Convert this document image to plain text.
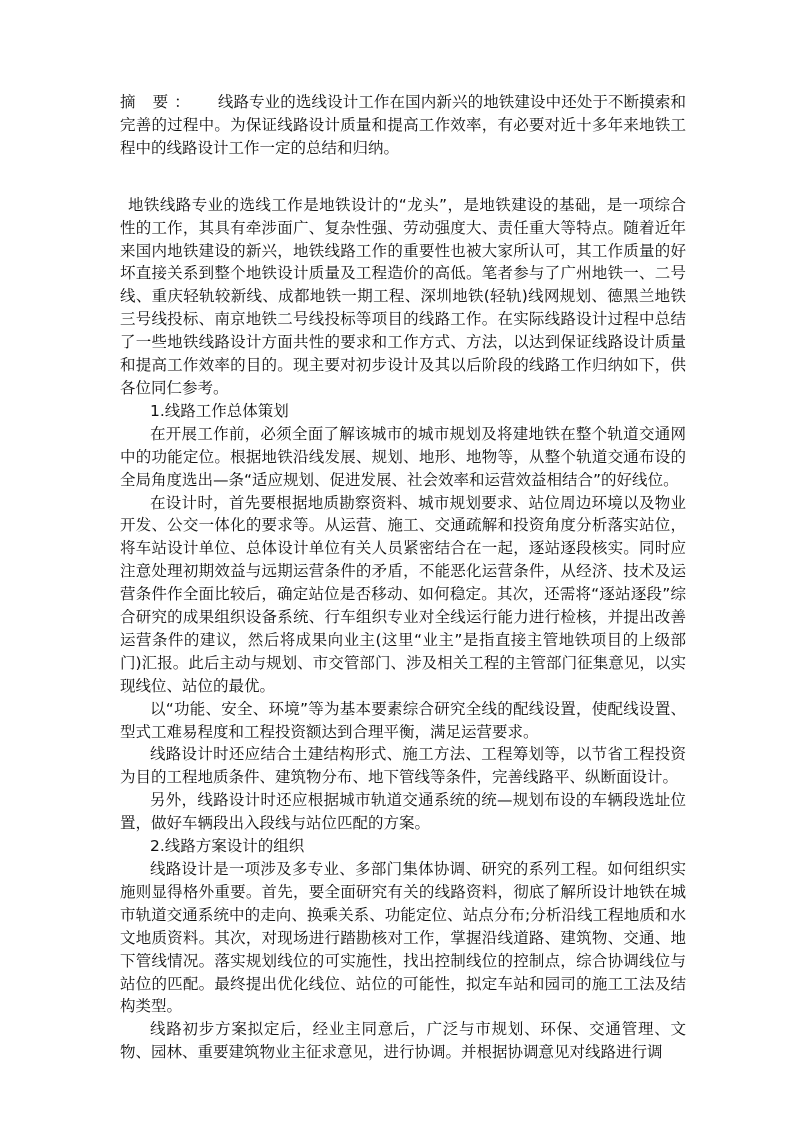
摘 要： 线路专业的选线设计工作在国内新兴的地铁建设中还处于不断摸索和完善的过程中。为保证线路设计质量和提高工作效率，有必要对近十多年来地铁工程中的线路设计工作一定的总结和归纳。

地铁线路专业的选线工作是地铁设计的“龙头”，是地铁建设的基础，是一项综合性的工作，其具有牵涉面广、复杂性强、劳动强度大、责任重大等特点。随着近年来国内地铁建设的新兴，地铁线路工作的重要性也被大家所认可，其工作质量的好坏直接关系到整个地铁设计质量及工程造价的高低。笔者参与了广州地铁一、二号线、重庆轻轨较新线、成都地铁一期工程、深圳地铁(轻轨)线网规划、德黑兰地铁三号线投标、南京地铁二号线投标等项目的线路工作。在实际线路设计过程中总结了一些地铁线路设计方面共性的要求和工作方式、方法，以达到保证线路设计质量和提高工作效率的目的。现主要对初步设计及其以后阶段的线路工作归纳如下，供各位同仁参考。

1.线路工作总体策划

在开展工作前，必须全面了解该城市的城市规划及将建地铁在整个轨道交通网中的功能定位。根据地铁沿线发展、规划、地形、地物等，从整个轨道交通布设的全局角度选出—条“适应规划、促进发展、社会效率和运营效益相结合”的好线位。

在设计时，首先要根据地质勘察资料、城市规划要求、站位周边环境以及物业开发、公交一体化的要求等。从运营、施工、交通疏解和投资角度分析落实站位，将车站设计单位、总体设计单位有关人员紧密结合在一起，逐站逐段核实。同时应注意处理初期效益与远期运营条件的矛盾，不能恶化运营条件，从经济、技术及运营条件作全面比较后，确定站位是否移动、如何稳定。其次，还需将“逐站逐段”综合研究的成果组织设备系统、行车组织专业对全线运行能力进行检核，并提出改善运营条件的建议，然后将成果向业主(这里“业主”是指直接主管地铁项目的上级部门)汇报。此后主动与规划、市交管部门、涉及相关工程的主管部门征集意见，以实现线位、站位的最优。

以“功能、安全、环境”等为基本要素综合研究全线的配线设置，使配线设置、型式工难易程度和工程投资额达到合理平衡，满足运营要求。

线路设计时还应结合土建结构形式、施工方法、工程筹划等，以节省工程投资为目的工程地质条件、建筑物分布、地下管线等条件，完善线路平、纵断面设计。

另外，线路设计时还应根据城市轨道交通系统的统—规划布设的车辆段选址位置，做好车辆段出入段线与站位匹配的方案。

2.线路方案设计的组织

线路设计是一项涉及多专业、多部门集体协调、研究的系列工程。如何组织实施则显得格外重要。首先，要全面研究有关的线路资料，彻底了解所设计地铁在城市轨道交通系统中的走向、换乘关系、功能定位、站点分布;分析沿线工程地质和水文地质资料。其次，对现场进行踏勘核对工作，掌握沿线道路、建筑物、交通、地下管线情况。落实规划线位的可实施性，找出控制线位的控制点，综合协调线位与站位的匹配。最终提出优化线位、站位的可能性，拟定车站和园司的施工工法及结构类型。

线路初步方案拟定后，经业主同意后，广泛与市规划、环保、交通管理、文物、园林、重要建筑物业主征求意见，进行协调。并根据协调意见对线路进行调
